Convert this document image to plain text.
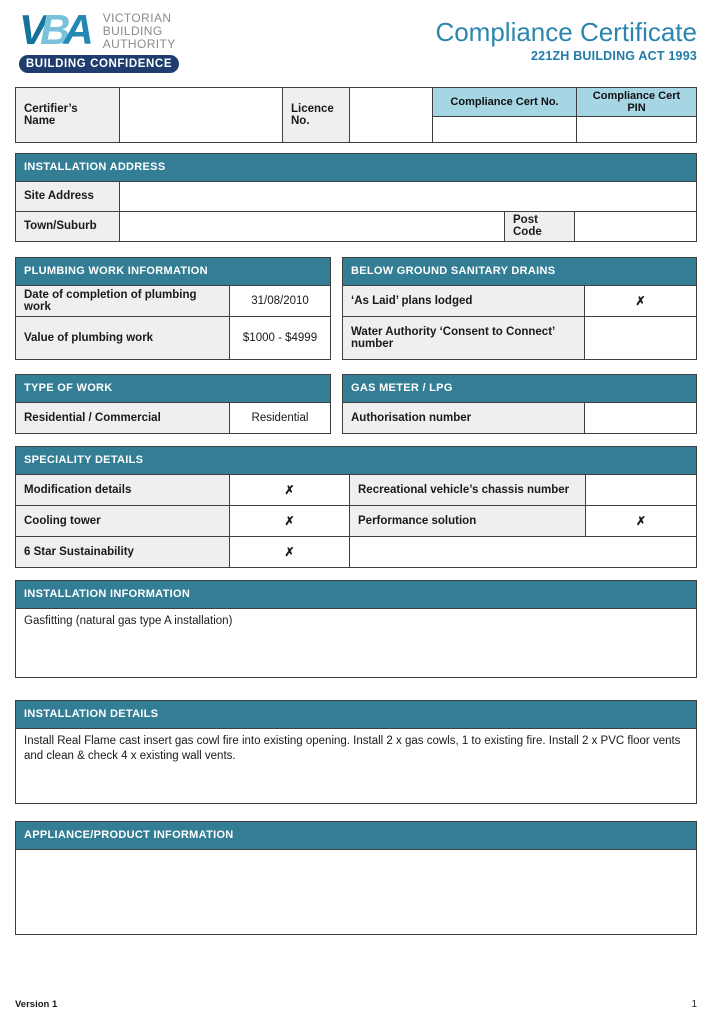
VBA	VICTORIAN
BUILDING
AUTHORITY
BUILDING CONFIDENCE
Compliance Certificate
221ZH BUILDING ACT 1993
Certifier’s Name		Licence No.		Compliance Cert No.	Compliance Cert PIN

INSTALLATION ADDRESS			
Site Address			
Town/Suburb		Post Code	
PLUMBING WORK INFORMATION	
Date of completion of plumbing work	31/08/2010
Value of plumbing work	$1000 - $4999
BELOW GROUND SANITARY DRAINS	
‘As Laid’ plans lodged	✗
Water Authority ‘Consent to Connect’ number	
TYPE OF WORK
Residential / Commercial	Residential
GAS METER / LPG
Authorisation number	
SPECIALITY DETAILS			
Modification details	✗	Recreational vehicle’s chassis number	
Cooling tower	✗	Performance solution	✗
6 Star Sustainability	✗		
INSTALLATION INFORMATION
Gasfitting (natural gas type A installation)
INSTALLATION DETAILS
Install Real Flame cast insert gas cowl fire into existing opening. Install 2 x gas cowls, 1 to existing fire. Install 2 x PVC floor vents and clean & check 4 x existing wall vents.
APPLIANCE/PRODUCT INFORMATION

Version 1	1
